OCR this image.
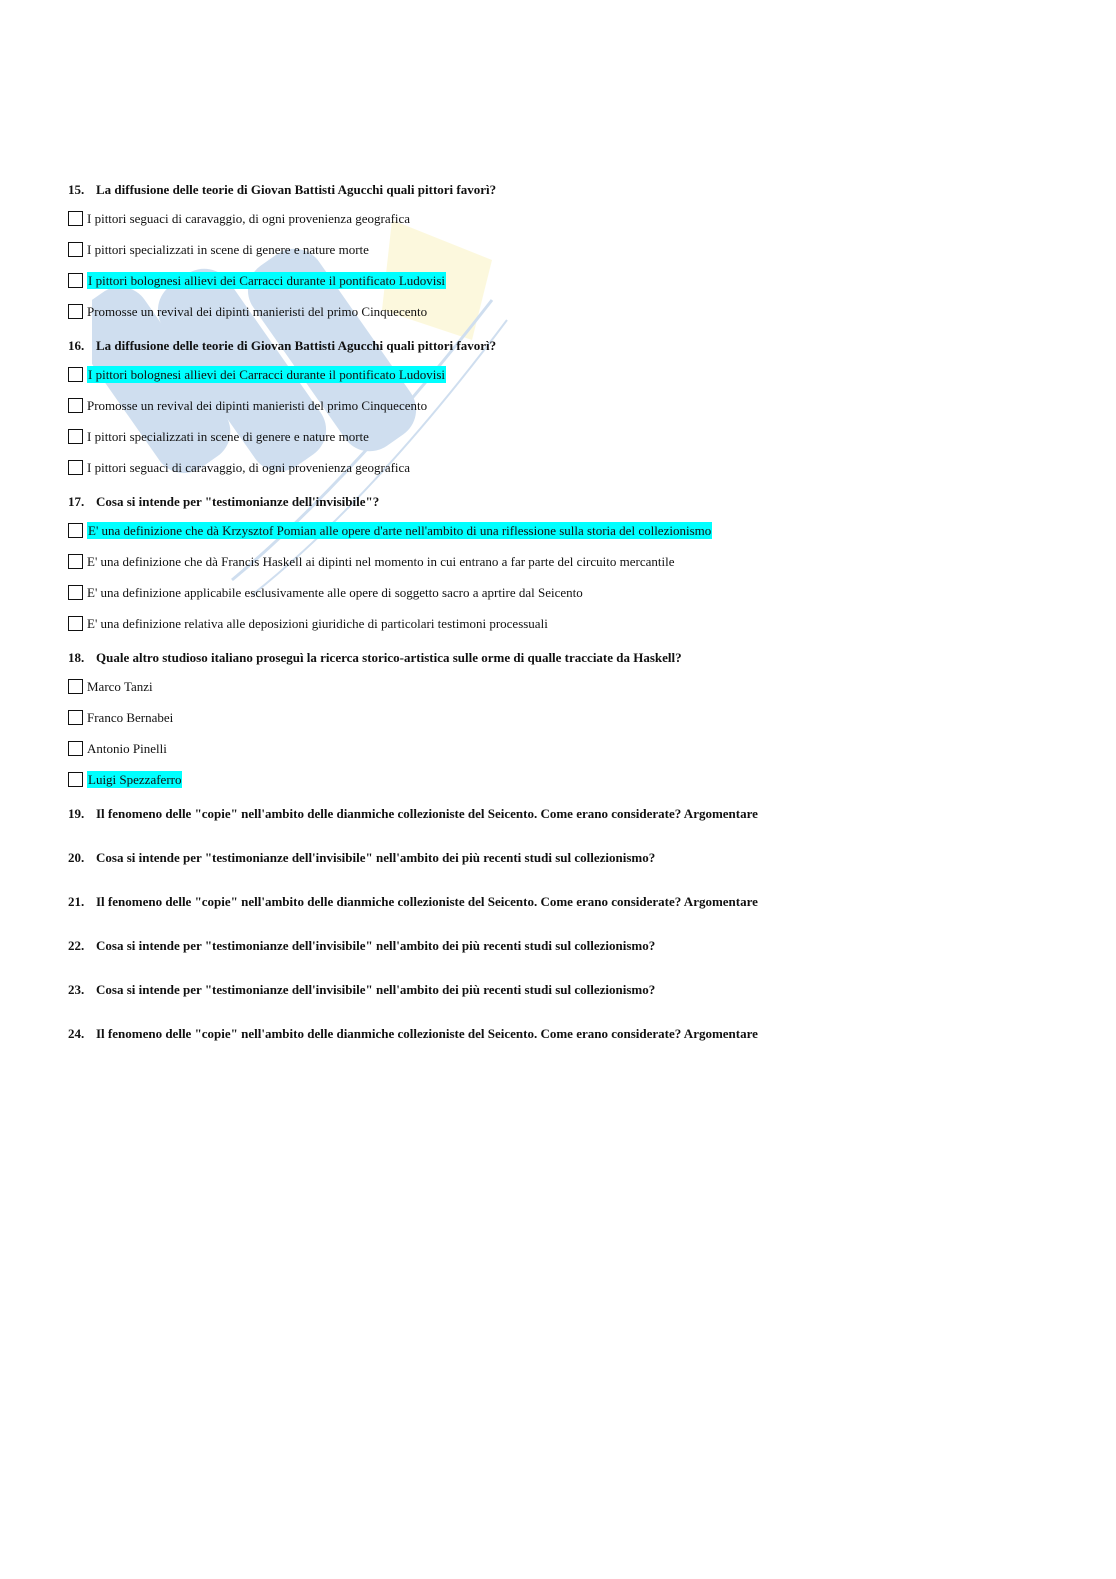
15. La diffusione delle teorie di Giovan Battisti Agucchi quali pittori favorì?
I pittori seguaci di caravaggio, di ogni provenienza geografica
I pittori specializzati in scene di genere e nature morte
I pittori bolognesi allievi dei Carracci durante il pontificato Ludovisi
Promosse un revival dei dipinti manieristi del primo Cinquecento
16. La diffusione delle teorie di Giovan Battisti Agucchi quali pittori favorì?
I pittori bolognesi allievi dei Carracci durante il pontificato Ludovisi
Promosse un revival dei dipinti manieristi del primo Cinquecento
I pittori specializzati in scene di genere e nature morte
I pittori seguaci di caravaggio, di ogni provenienza geografica
17. Cosa si intende per "testimonianze dell'invisibile"?
E' una definizione che dà Krzysztof Pomian alle opere d'arte nell'ambito di una riflessione sulla storia del collezionismo
E' una definizione che dà Francis Haskell ai dipinti nel momento in cui entrano a far parte del circuito mercantile
E' una definizione applicabile esclusivamente alle opere di soggetto sacro a aprtire dal Seicento
E' una definizione relativa alle deposizioni giuridiche di particolari testimoni processuali
18. Quale altro studioso italiano proseguì la ricerca storico-artistica sulle orme di qualle tracciate da Haskell?
Marco Tanzi
Franco Bernabei
Antonio Pinelli
Luigi Spezzaferro
19. Il fenomeno delle "copie" nell'ambito delle dianmiche collezioniste del Seicento. Come erano considerate? Argomentare
20. Cosa si intende per "testimonianze dell'invisibile" nell'ambito dei più recenti studi sul collezionismo?
21. Il fenomeno delle "copie" nell'ambito delle dianmiche collezioniste del Seicento. Come erano considerate? Argomentare
22. Cosa si intende per "testimonianze dell'invisibile" nell'ambito dei più recenti studi sul collezionismo?
23. Cosa si intende per "testimonianze dell'invisibile" nell'ambito dei più recenti studi sul collezionismo?
24. Il fenomeno delle "copie" nell'ambito delle dianmiche collezioniste del Seicento. Come erano considerate? Argomentare
